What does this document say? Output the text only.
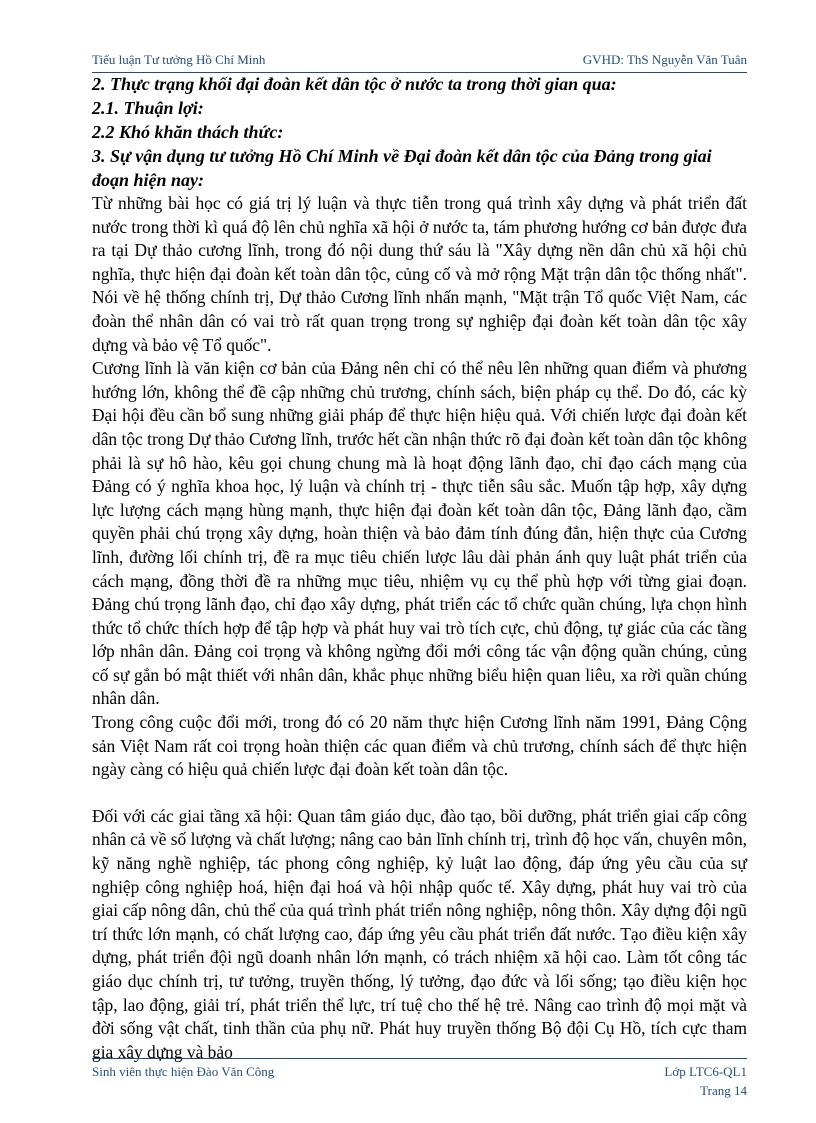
Tiểu luận Tư tưởng Hồ Chí Minh	GVHD: ThS Nguyễn Văn Tuân

2. Thực trạng khối đại đoàn kết dân tộc ở nước ta trong thời gian qua:

2.1. Thuận lợi:

2.2 Khó khăn thách thức:

3. Sự vận dụng tư tưởng Hồ Chí Minh về Đại đoàn kết dân tộc của Đảng trong giai đoạn hiện nay:

Từ những bài học có giá trị lý luận và thực tiễn trong quá trình xây dựng và phát triển đất nước trong thời kì quá độ lên chủ nghĩa xã hội ở nước ta, tám phương hướng cơ bản được đưa ra tại Dự thảo cương lĩnh, trong đó nội dung thứ sáu là "Xây dựng nền dân chủ xã hội chủ nghĩa, thực hiện đại đoàn kết toàn dân tộc, củng cố và mở rộng Mặt trận dân tộc thống nhất". Nói về hệ thống chính trị, Dự thảo Cương lĩnh nhấn mạnh, "Mặt trận Tổ quốc Việt Nam, các đoàn thể nhân dân có vai trò rất quan trọng trong sự nghiệp đại đoàn kết toàn dân tộc xây dựng và bảo vệ Tổ quốc".

Cương lĩnh là văn kiện cơ bản của Đảng nên chỉ có thể nêu lên những quan điểm và phương hướng lớn, không thể đề cập những chủ trương, chính sách, biện pháp cụ thể. Do đó, các kỳ Đại hội đều cần bổ sung những giải pháp để thực hiện hiệu quả. Với chiến lược đại đoàn kết dân tộc trong Dự thảo Cương lĩnh, trước hết cần nhận thức rõ đại đoàn kết toàn dân tộc không phải là sự hô hào, kêu gọi chung chung mà là hoạt động lãnh đạo, chỉ đạo cách mạng của Đảng có ý nghĩa khoa học, lý luận và chính trị - thực tiễn sâu sắc. Muốn tập hợp, xây dựng lực lượng cách mạng hùng mạnh, thực hiện đại đoàn kết toàn dân tộc, Đảng lãnh đạo, cầm quyền phải chú trọng xây dựng, hoàn thiện và bảo đảm tính đúng đắn, hiện thực của Cương lĩnh, đường lối chính trị, đề ra mục tiêu chiến lược lâu dài phản ánh quy luật phát triển của cách mạng, đồng thời đề ra những mục tiêu, nhiệm vụ cụ thể phù hợp với từng giai đoạn. Đảng chú trọng lãnh đạo, chỉ đạo xây dựng, phát triển các tổ chức quần chúng, lựa chọn hình thức tổ chức thích hợp để tập hợp và phát huy vai trò tích cực, chủ động, tự giác của các tầng lớp nhân dân. Đảng coi trọng và không ngừng đổi mới công tác vận động quần chúng, củng cố sự gắn bó mật thiết với nhân dân, khắc phục những biểu hiện quan liêu, xa rời quần chúng nhân dân.

Trong công cuộc đổi mới, trong đó có 20 năm thực hiện Cương lĩnh năm 1991, Đảng Cộng sản Việt Nam rất coi trọng hoàn thiện các quan điểm và chủ trương, chính sách để thực hiện ngày càng có hiệu quả chiến lược đại đoàn kết toàn dân tộc.

Đối với các giai tầng xã hội: Quan tâm giáo dục, đào tạo, bồi dưỡng, phát triển giai cấp công nhân cả về số lượng và chất lượng; nâng cao bản lĩnh chính trị, trình độ học vấn, chuyên môn, kỹ năng nghề nghiệp, tác phong công nghiệp, kỷ luật lao động, đáp ứng yêu cầu của sự nghiệp công nghiệp hoá, hiện đại hoá và hội nhập quốc tế. Xây dựng, phát huy vai trò của giai cấp nông dân, chủ thể của quá trình phát triển nông nghiệp, nông thôn. Xây dựng đội ngũ trí thức lớn mạnh, có chất lượng cao, đáp ứng yêu cầu phát triển đất nước. Tạo điều kiện xây dựng, phát triển đội ngũ doanh nhân lớn mạnh, có trách nhiệm xã hội cao. Làm tốt công tác giáo dục chính trị, tư tưởng, truyền thống, lý tưởng, đạo đức và lối sống; tạo điều kiện học tập, lao động, giải trí, phát triển thể lực, trí tuệ cho thế hệ trẻ. Nâng cao trình độ mọi mặt và đời sống vật chất, tinh thần của phụ nữ. Phát huy truyền thống Bộ đội Cụ Hồ, tích cực tham gia xây dựng và bảo

Sinh viên thực hiện Đào Văn Công	Lớp LTC6-QL1
Trang 14
